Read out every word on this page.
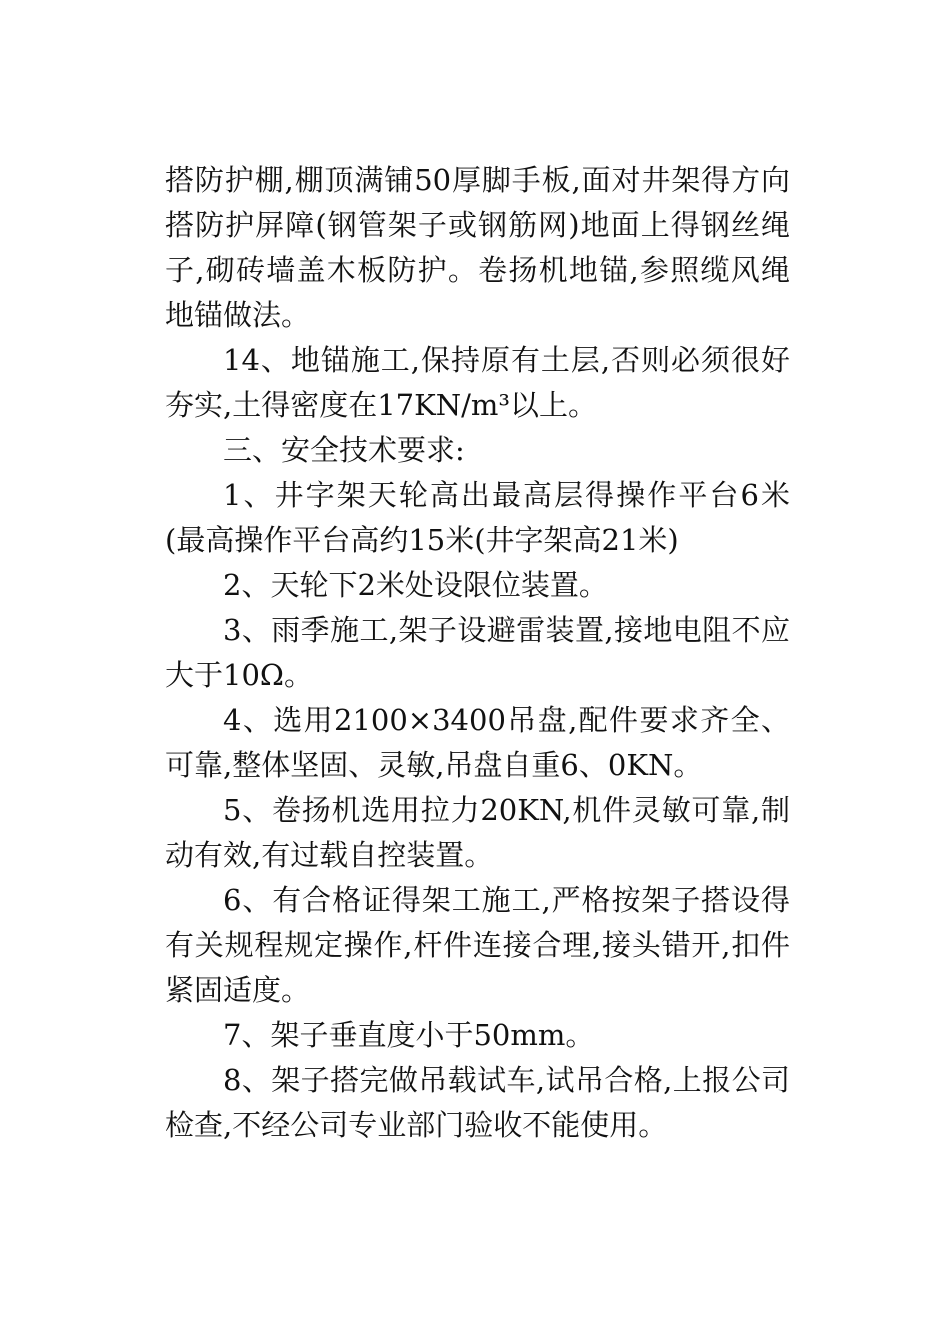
搭防护棚,棚顶满铺50厚脚手板,面对井架得方向搭防护屏障(钢管架子或钢筋网)地面上得钢丝绳子,砌砖墙盖木板防护。卷扬机地锚,参照缆风绳地锚做法。

14、地锚施工,保持原有土层,否则必须很好夯实,土得密度在17KN/m³以上。

三、安全技术要求:

1、井字架天轮高出最高层得操作平台6米(最高操作平台高约15米(井字架高21米)

2、天轮下2米处设限位装置。

3、雨季施工,架子设避雷装置,接地电阻不应大于10Ω。

4、选用2100×3400吊盘,配件要求齐全、可靠,整体坚固、灵敏,吊盘自重6、0KN。

5、卷扬机选用拉力20KN,机件灵敏可靠,制动有效,有过载自控装置。

6、有合格证得架工施工,严格按架子搭设得有关规程规定操作,杆件连接合理,接头错开,扣件紧固适度。

7、架子垂直度小于50mm。

8、架子搭完做吊载试车,试吊合格,上报公司检查,不经公司专业部门验收不能使用。
